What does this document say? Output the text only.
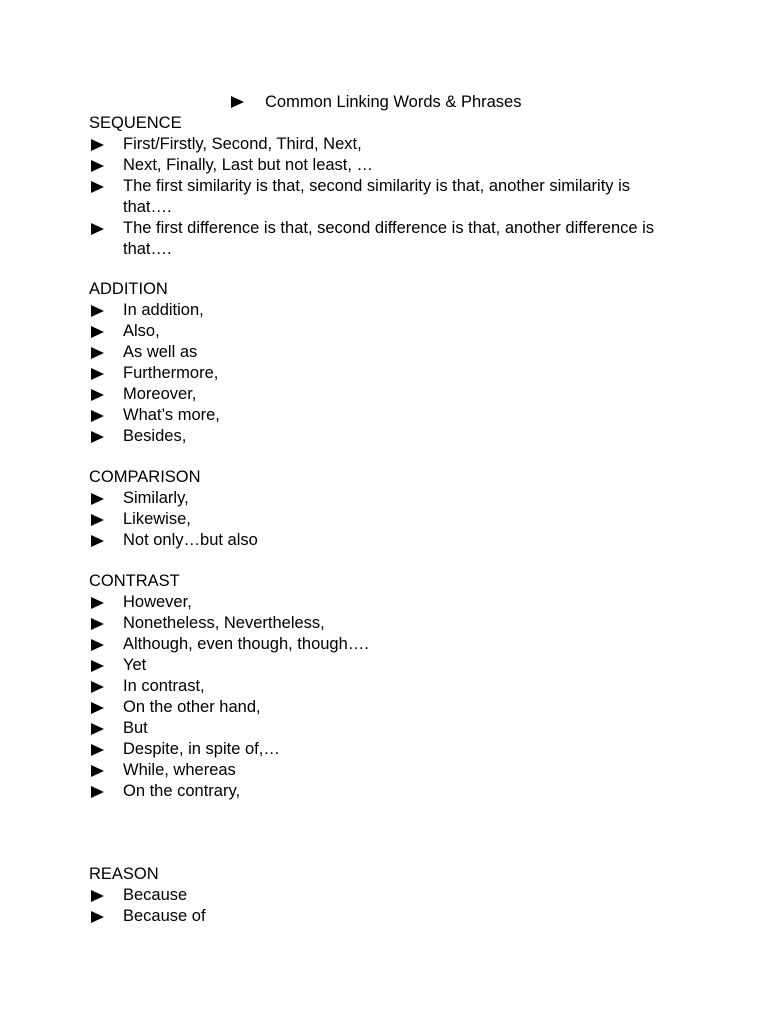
Common Linking Words & Phrases
SEQUENCE
First/Firstly, Second, Third, Next,
Next, Finally, Last but not least, …
The first similarity is that, second similarity is that, another similarity is that….
The first difference is that, second difference is that, another difference is that….
ADDITION
In addition,
Also,
As well as
Furthermore,
Moreover,
What’s more,
Besides,
COMPARISON
Similarly,
Likewise,
Not only…but also
CONTRAST
However,
Nonetheless, Nevertheless,
Although, even though, though….
Yet
In contrast,
On the other hand,
But
Despite, in spite of,…
While, whereas
On the contrary,
REASON
Because
Because of
